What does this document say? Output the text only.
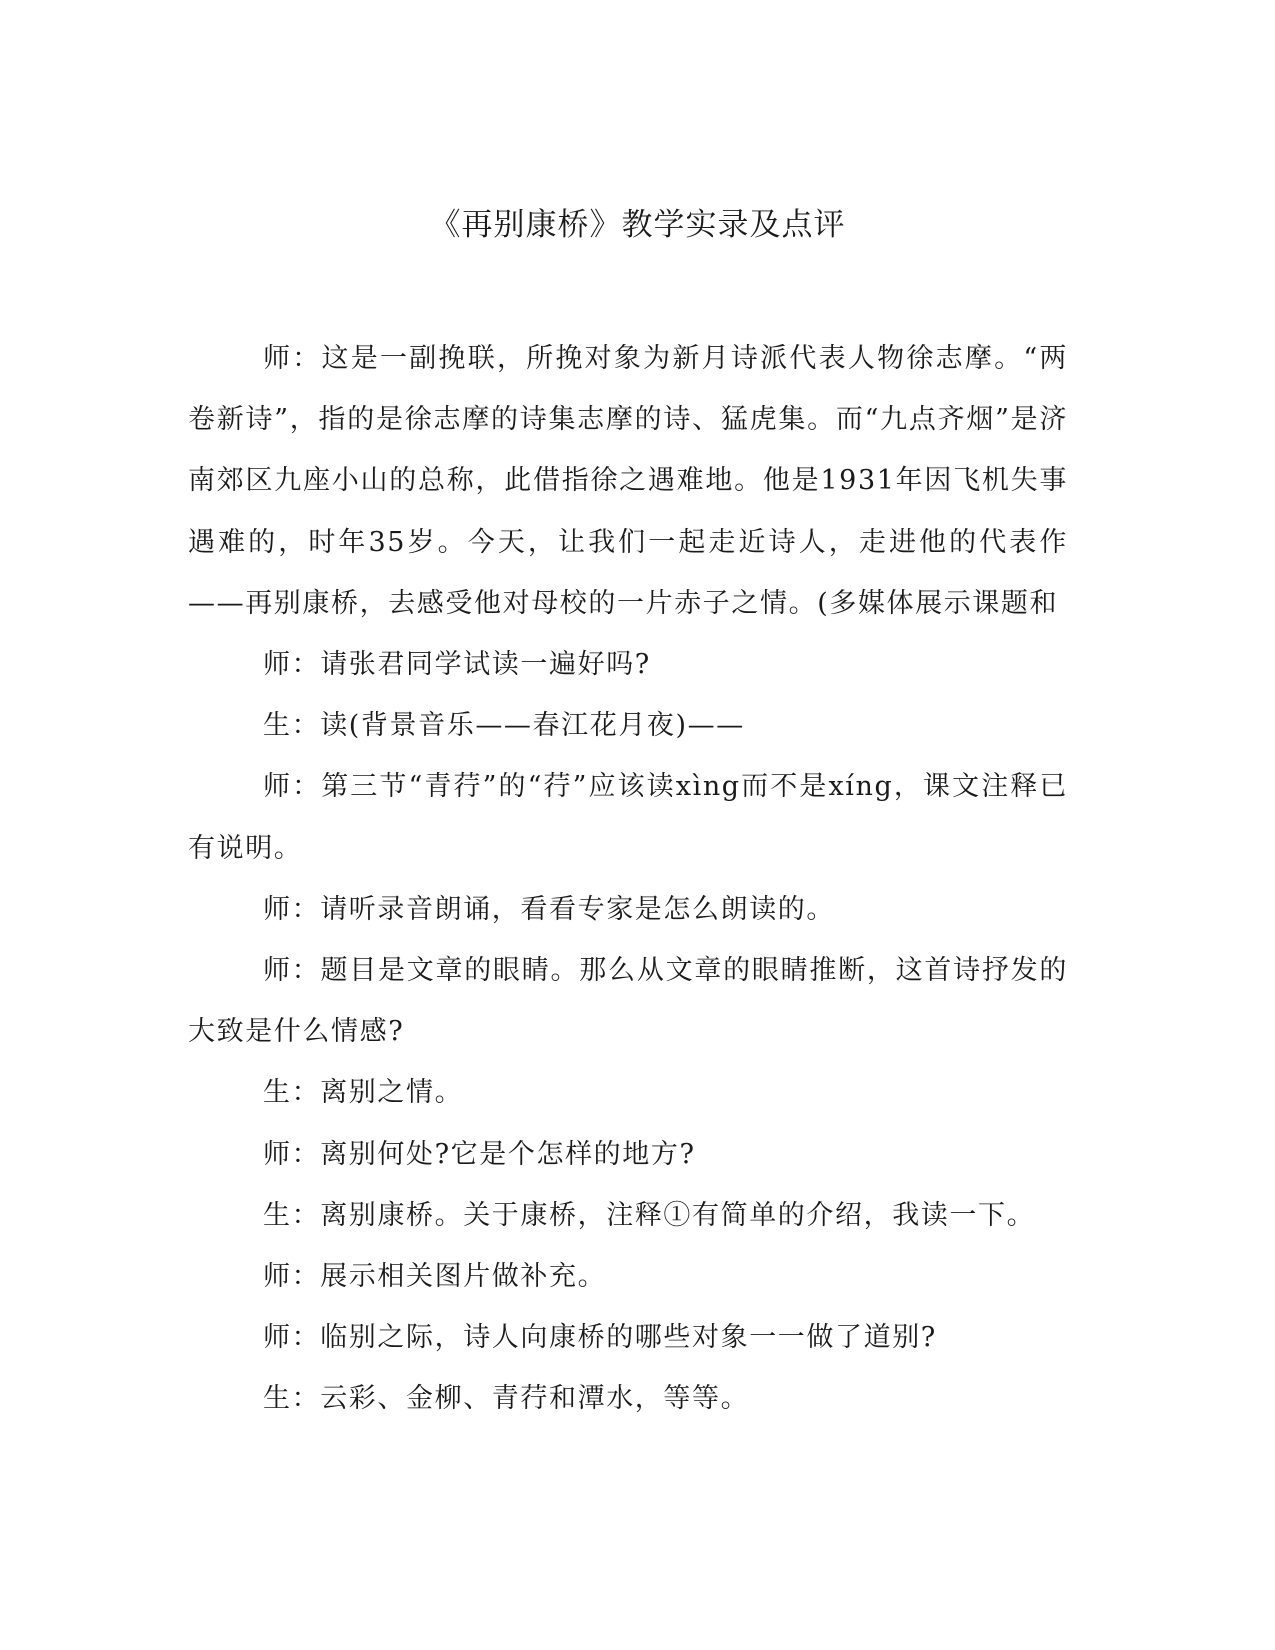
《再别康桥》教学实录及点评

师：这是一副挽联，所挽对象为新月诗派代表人物徐志摩。“两卷新诗”，指的是徐志摩的诗集志摩的诗、猛虎集。而“九点齐烟”是济南郊区九座小山的总称，此借指徐之遇难地。他是1931年因飞机失事遇难的，时年35岁。今天，让我们一起走近诗人，走进他的代表作——再别康桥，去感受他对母校的一片赤子之情。(多媒体展示课题和

师：请张君同学试读一遍好吗?

生：读(背景音乐——春江花月夜)——

师：第三节“青荇”的“荇”应该读xìng而不是xíng，课文注释已有说明。

师：请听录音朗诵，看看专家是怎么朗读的。

师：题目是文章的眼睛。那么从文章的眼睛推断，这首诗抒发的大致是什么情感?

生：离别之情。

师：离别何处?它是个怎样的地方?

生：离别康桥。关于康桥，注释①有简单的介绍，我读一下。

师：展示相关图片做补充。

师：临别之际，诗人向康桥的哪些对象一一做了道别?

生：云彩、金柳、青荇和潭水，等等。
